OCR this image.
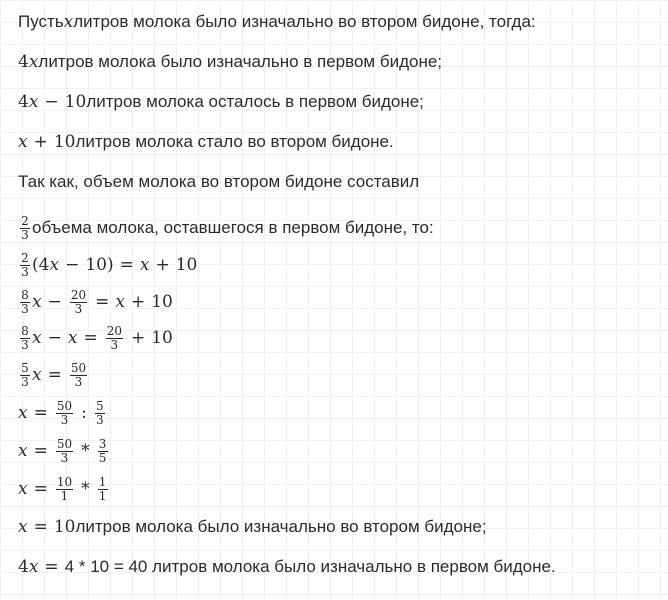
Пусть x литров молока было изначально во втором бидоне, тогда:
4 x литров молока было изначально в первом бидоне;
4 x − 10 литров молока осталось в первом бидоне;
x + 10 литров молока стало во втором бидоне.
Так как, объем молока во втором бидоне составил
$\frac{2}{3}$ объема молока, оставшегося в первом бидоне, то:
$\frac{2}{3}$ ( 4 x − 10 ) = x + 10
$\frac{8}{3}$ $x - \frac{20}{3} = x + 10$
$\frac{8}{3}$ $x - x = \frac{20}{3} + 10$
$\frac{5}{3}$ $x = \frac{50}{3}$
$x = \frac{50}{3}$ : $\frac{5}{3}$
$x = \frac{50}{3} * \frac{3}{5}$
$x = \frac{10}{1} * \frac{1}{1}$
x = 10 литров молока было изначально во втором бидоне;
4 x = 4 * 10 = 40 литров молока было изначально в первом бидоне.
